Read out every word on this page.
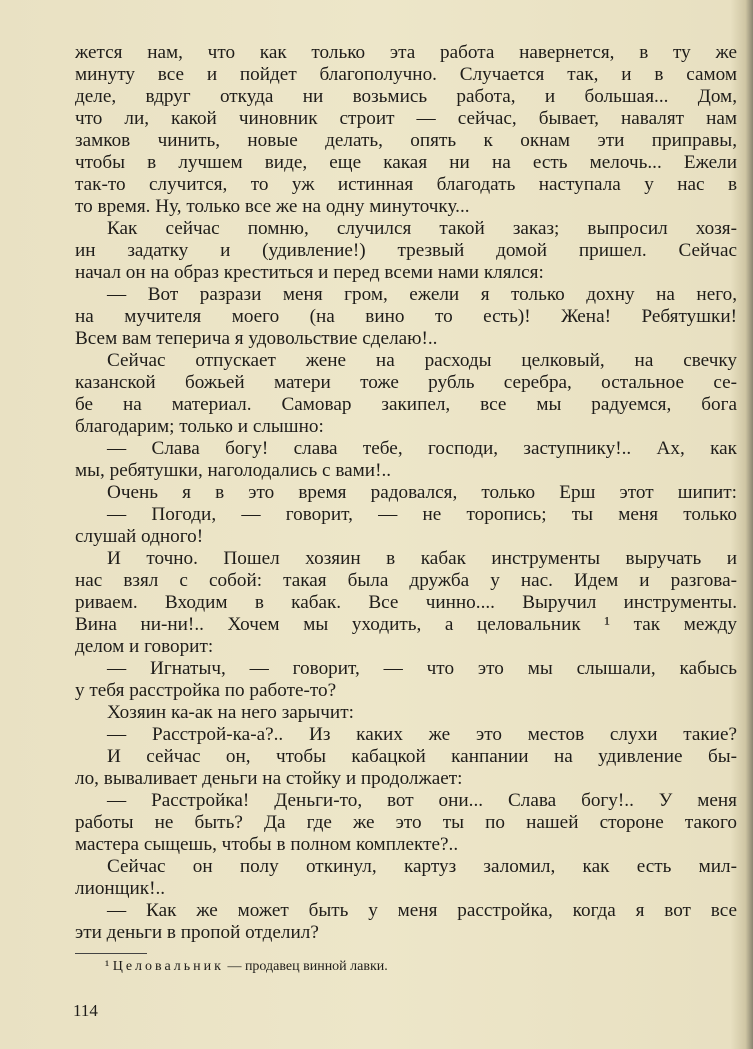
жется нам, что как только эта работа навернется, в ту же
минуту все и пойдет благополучно. Случается так, и в самом
деле, вдруг откуда ни возьмись работа, и большая... Дом,
что ли, какой чиновник строит — сейчас, бывает, навалят нам
замков чинить, новые делать, опять к окнам эти приправы,
чтобы в лучшем виде, еще какая ни на есть мелочь... Ежели
так-то случится, то уж истинная благодать наступала у нас в
то время. Ну, только все же на одну минуточку...
Как сейчас помню, случился такой заказ; выпросил хозя-
ин задатку и (удивление!) трезвый домой пришел. Сейчас
начал он на образ креститься и перед всеми нами клялся:
— Вот разрази меня гром, ежели я только дохну на него,
на мучителя моего (на вино то есть)! Жена! Ребятушки!
Всем вам теперича я удовольствие сделаю!..
Сейчас отпускает жене на расходы целковый, на свечку
казанской божьей матери тоже рубль серебра, остальное се-
бе на материал. Самовар закипел, все мы радуемся, бога
благодарим; только и слышно:
— Слава богу! слава тебе, господи, заступнику!.. Ах, как
мы, ребятушки, наголодались с вами!..
Очень я в это время радовался, только Ерш этот шипит:
— Погоди, — говорит, — не торопись; ты меня только
слушай одного!
И точно. Пошел хозяин в кабак инструменты выручать и
нас взял с собой: такая была дружба у нас. Идем и разгова-
риваем. Входим в кабак. Все чинно.... Выручил инструменты.
Вина ни-ни!.. Хочем мы уходить, а целовальник ¹ так между
делом и говорит:
— Игнатыч, — говорит, — что это мы слышали, кабысь
у тебя расстройка по работе-то?
Хозяин ка-ак на него зарычит:
— Расстрой-ка-а?.. Из каких же это местов слухи такие?
И сейчас он, чтобы кабацкой канпании на удивление бы-
ло, вываливает деньги на стойку и продолжает:
— Расстройка! Деньги-то, вот они... Слава богу!.. У меня
работы не быть? Да где же это ты по нашей стороне такого
мастера сыщешь, чтобы в полном комплекте?..
Сейчас он полу откинул, картуз заломил, как есть мил-
лионщик!..
— Как же может быть у меня расстройка, когда я вот все
эти деньги в пропой отделил?
¹ Целовальник — продавец винной лавки.
114
